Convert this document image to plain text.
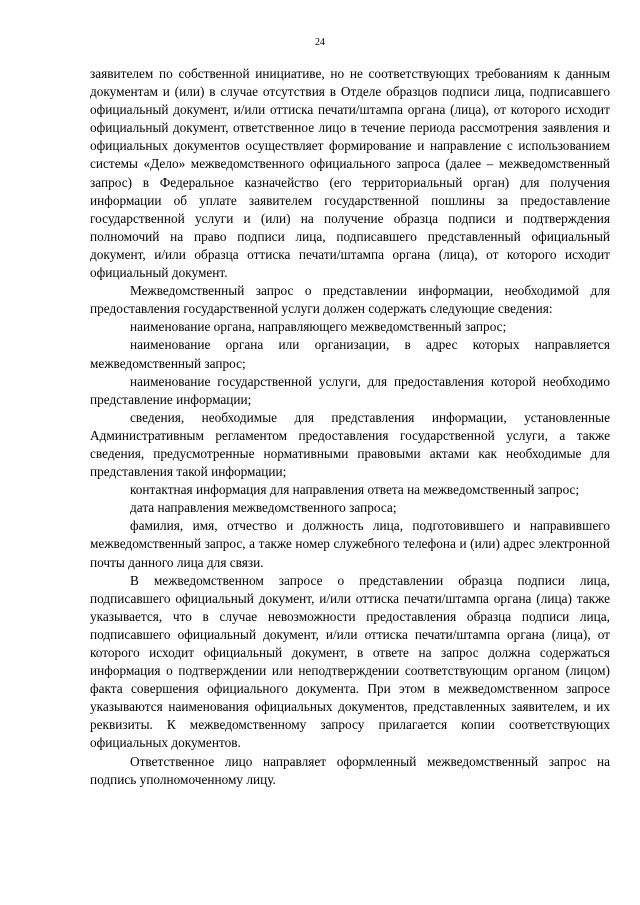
24

заявителем по собственной инициативе, но не соответствующих требованиям к данным документам и (или) в случае отсутствия в Отделе образцов подписи лица, подписавшего официальный документ, и/или оттиска печати/штампа органа (лица), от которого исходит официальный документ, ответственное лицо в течение периода рассмотрения заявления и официальных документов осуществляет формирование и направление с использованием системы «Дело» межведомственного официального запроса (далее – межведомственный запрос) в Федеральное казначейство (его территориальный орган) для получения информации об уплате заявителем государственной пошлины за предоставление государственной услуги и (или) на получение образца подписи и подтверждения полномочий на право подписи лица, подписавшего представленный официальный документ, и/или образца оттиска печати/штампа органа (лица), от которого исходит официальный документ.

Межведомственный запрос о представлении информации, необходимой для предоставления государственной услуги должен содержать следующие сведения:

наименование органа, направляющего межведомственный запрос;

наименование органа или организации, в адрес которых направляется межведомственный запрос;

наименование государственной услуги, для предоставления которой необходимо представление информации;

сведения, необходимые для представления информации, установленные Административным регламентом предоставления государственной услуги, а также сведения, предусмотренные нормативными правовыми актами как необходимые для представления такой информации;

контактная информация для направления ответа на межведомственный запрос;

дата направления межведомственного запроса;

фамилия, имя, отчество и должность лица, подготовившего и направившего межведомственный запрос, а также номер служебного телефона и (или) адрес электронной почты данного лица для связи.

В межведомственном запросе о представлении образца подписи лица, подписавшего официальный документ, и/или оттиска печати/штампа органа (лица) также указывается, что в случае невозможности предоставления образца подписи лица, подписавшего официальный документ, и/или оттиска печати/штампа органа (лица), от которого исходит официальный документ, в ответе на запрос должна содержаться информация о подтверждении или неподтверждении соответствующим органом (лицом) факта совершения официального документа. При этом в межведомственном запросе указываются наименования официальных документов, представленных заявителем, и их реквизиты. К межведомственному запросу прилагается копии соответствующих официальных документов.

Ответственное лицо направляет оформленный межведомственный запрос на подпись уполномоченному лицу.
